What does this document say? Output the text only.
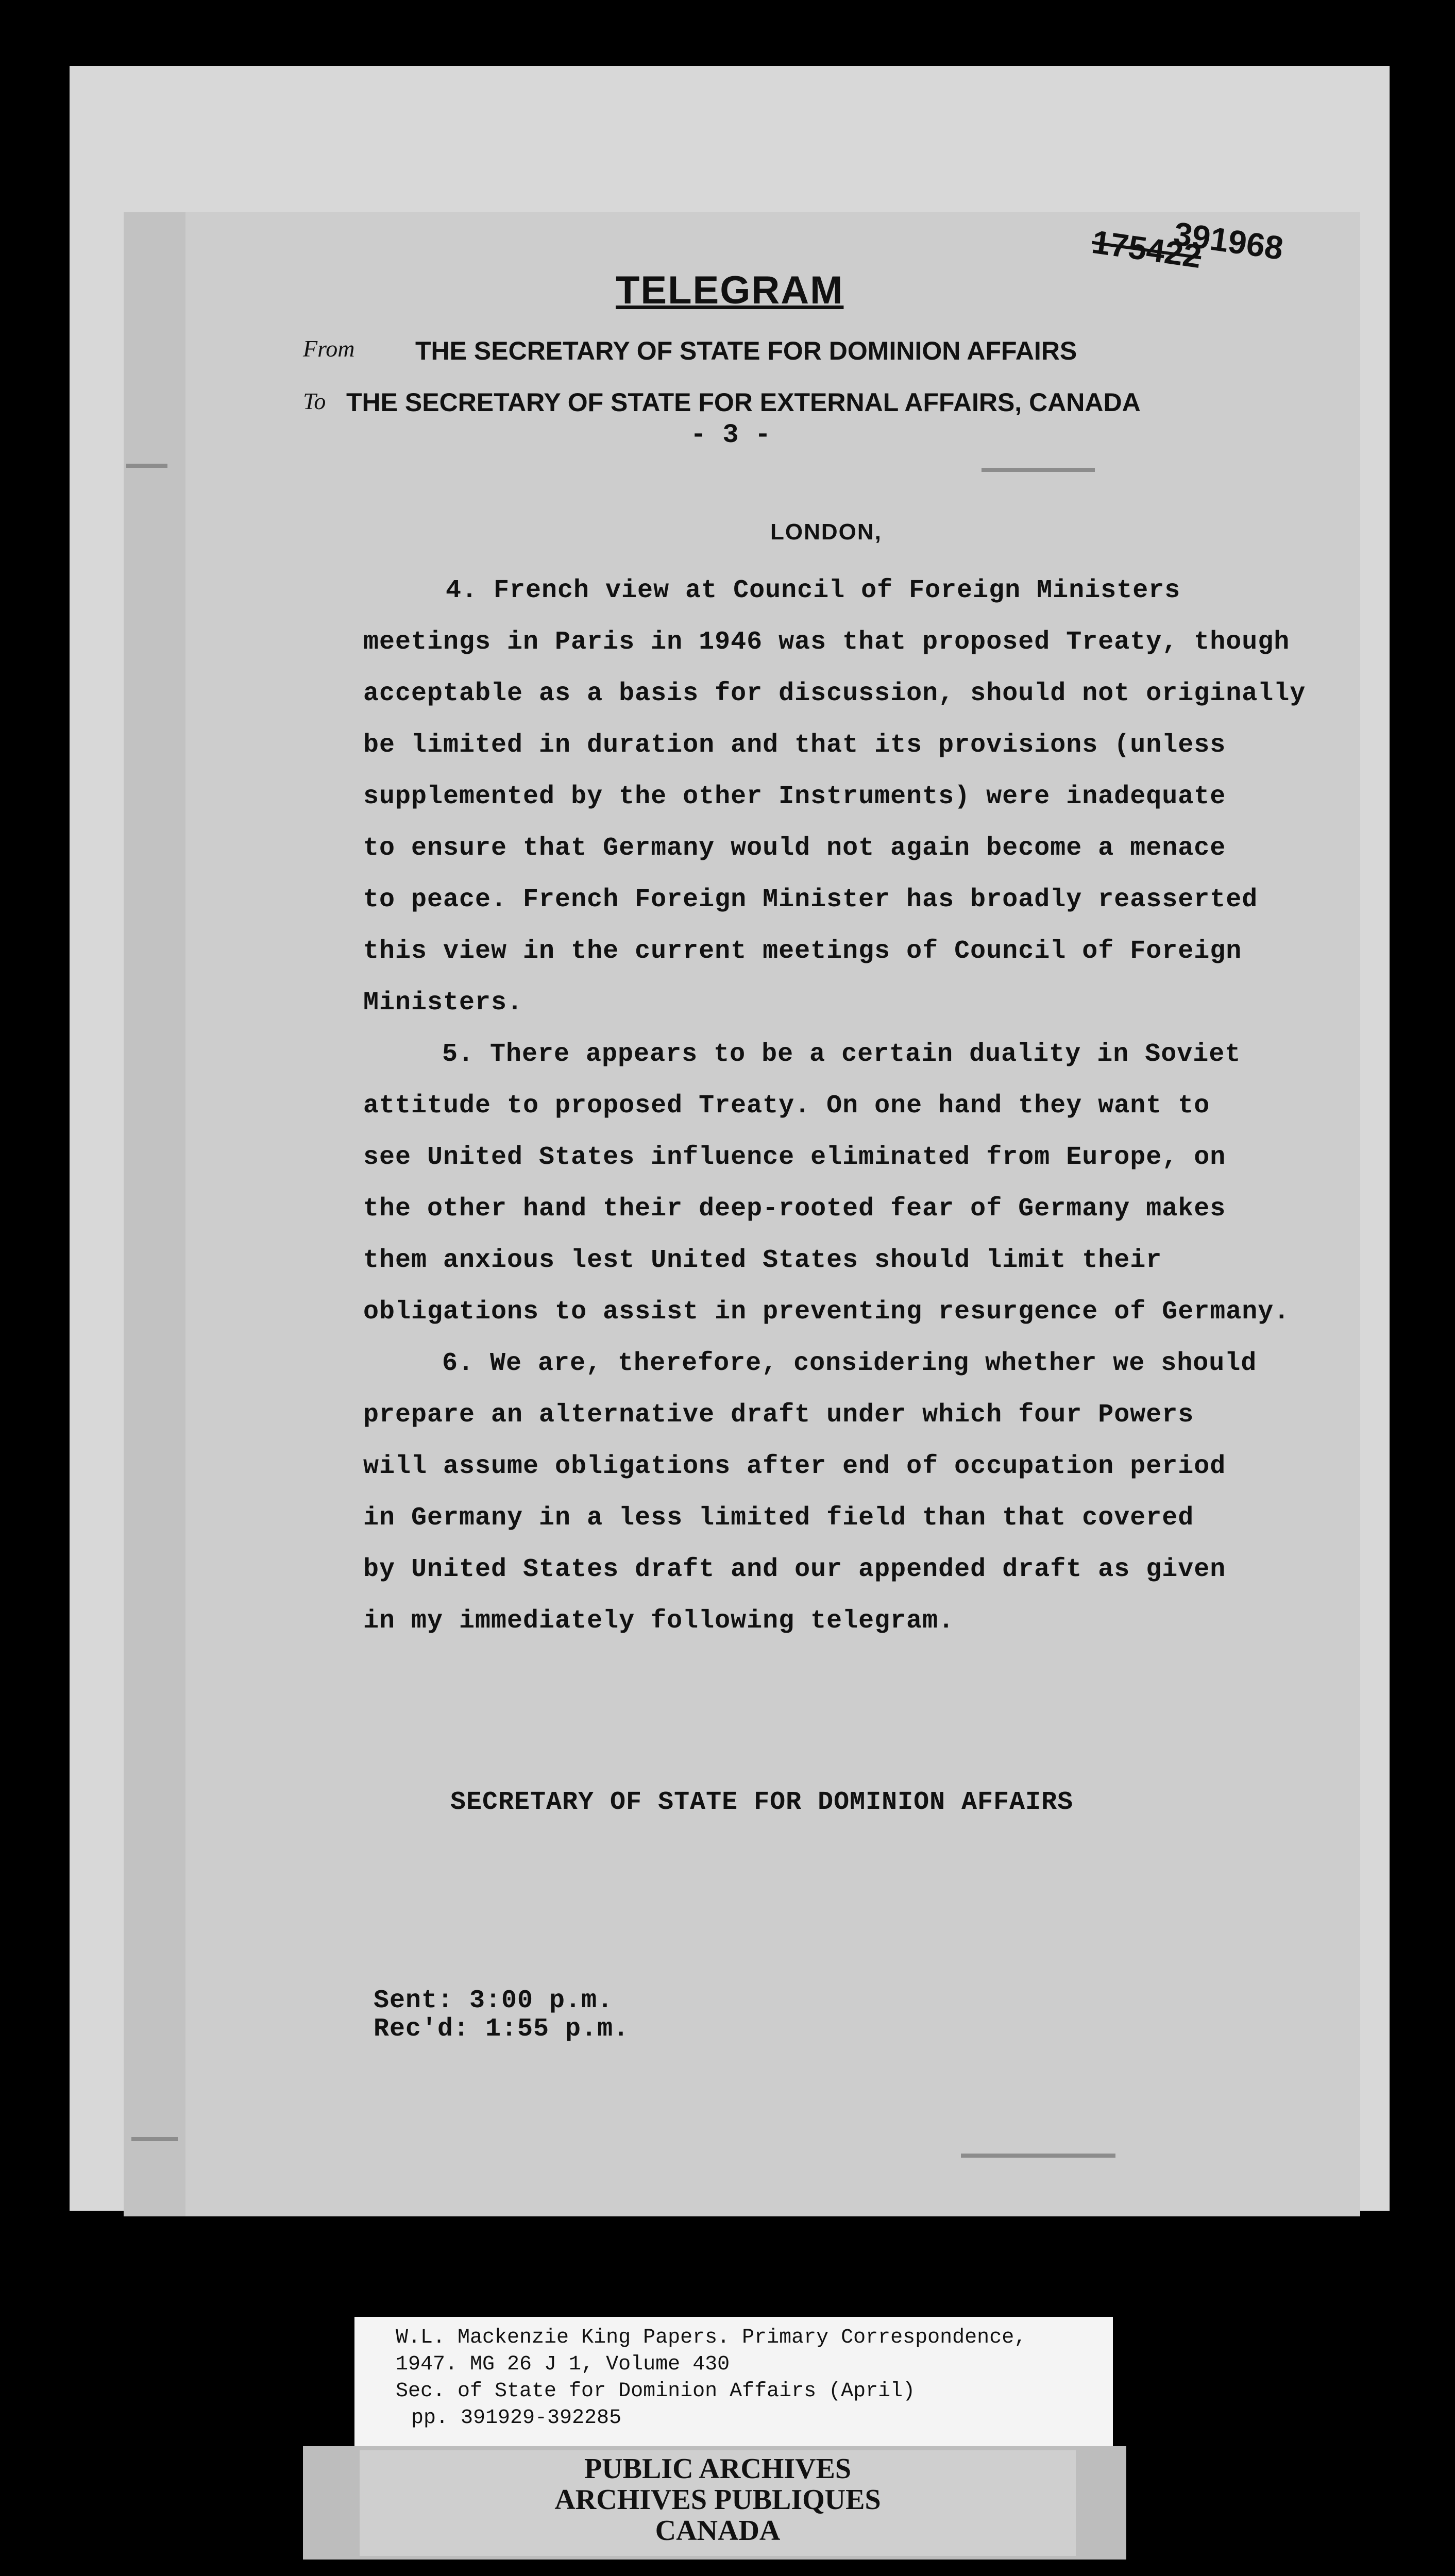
TELEGRAM
175422
391968
From THE SECRETARY OF STATE FOR DOMINION AFFAIRS
To THE SECRETARY OF STATE FOR EXTERNAL AFFAIRS, CANADA
- 3 -
LONDON,
4. French view at Council of Foreign Ministers
meetings in Paris in 1946 was that proposed Treaty, though
acceptable as a basis for discussion, should not originally
be limited in duration and that its provisions (unless
supplemented by the other Instruments) were inadequate
to ensure that Germany would not again become a menace
to peace. French Foreign Minister has broadly reasserted
this view in the current meetings of Council of Foreign
Ministers.
5. There appears to be a certain duality in Soviet
attitude to proposed Treaty. On one hand they want to
see United States influence eliminated from Europe, on
the other hand their deep-rooted fear of Germany makes
them anxious lest United States should limit their
obligations to assist in preventing resurgence of Germany.
6. We are, therefore, considering whether we should
prepare an alternative draft under which four Powers
will assume obligations after end of occupation period
in Germany in a less limited field than that covered
by United States draft and our appended draft as given
in my immediately following telegram.
SECRETARY OF STATE FOR DOMINION AFFAIRS
Sent: 3:00 p.m.
Rec'd: 1:55 p.m.
W.L. Mackenzie King Papers. Primary Correspondence,
1947. MG 26 J 1, Volume 430
Sec. of State for Dominion Affairs (April)
pp. 391929-392285
PUBLIC ARCHIVES
ARCHIVES PUBLIQUES
CANADA
